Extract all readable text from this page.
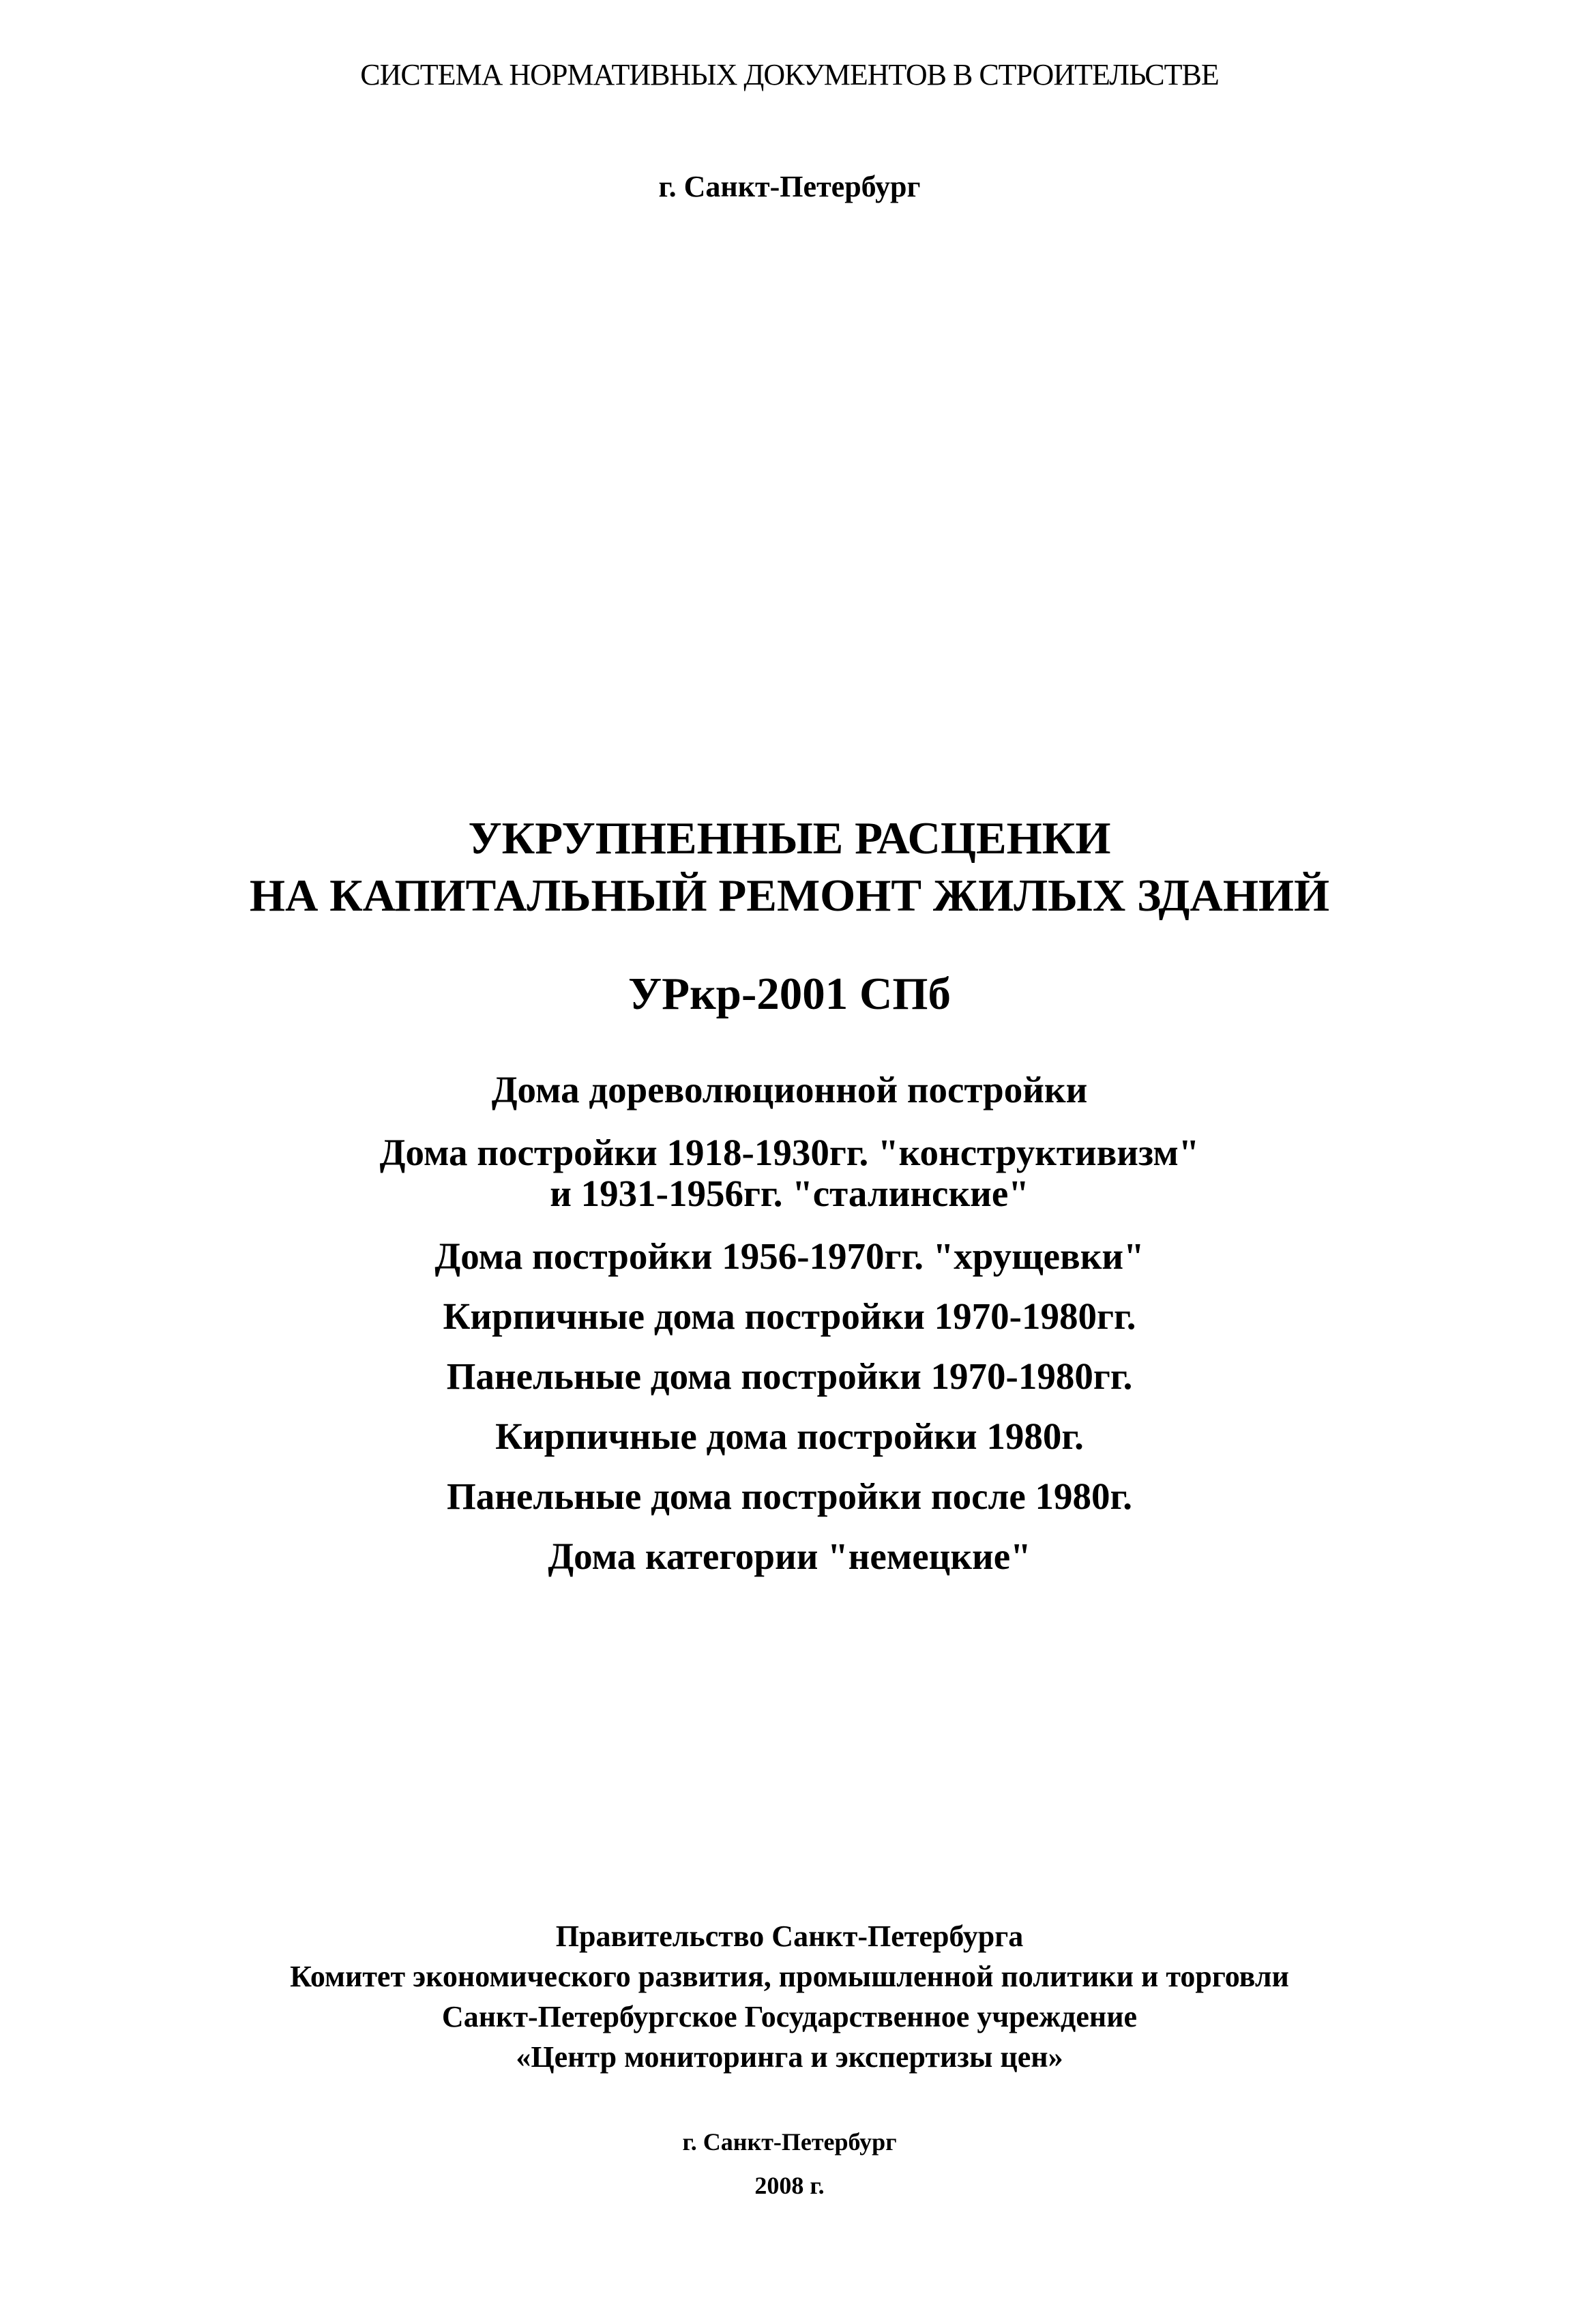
СИСТЕМА НОРМАТИВНЫХ ДОКУМЕНТОВ В СТРОИТЕЛЬСТВЕ
г. Санкт-Петербург
УКРУПНЕННЫЕ РАСЦЕНКИ
НА КАПИТАЛЬНЫЙ РЕМОНТ ЖИЛЫХ ЗДАНИЙ
УРкр-2001 СПб
Дома дореволюционной постройки
Дома постройки 1918-1930гг. "конструктивизм"
и 1931-1956гг. "сталинские"
Дома постройки 1956-1970гг. "хрущевки"
Кирпичные дома постройки 1970-1980гг.
Панельные дома постройки 1970-1980гг.
Кирпичные дома постройки 1980г.
Панельные дома постройки после 1980г.
Дома категории "немецкие"
Правительство Санкт-Петербурга
Комитет экономического развития, промышленной политики и торговли
Санкт-Петербургское Государственное учреждение
«Центр мониторинга и экспертизы цен»
г. Санкт-Петербург
2008 г.
